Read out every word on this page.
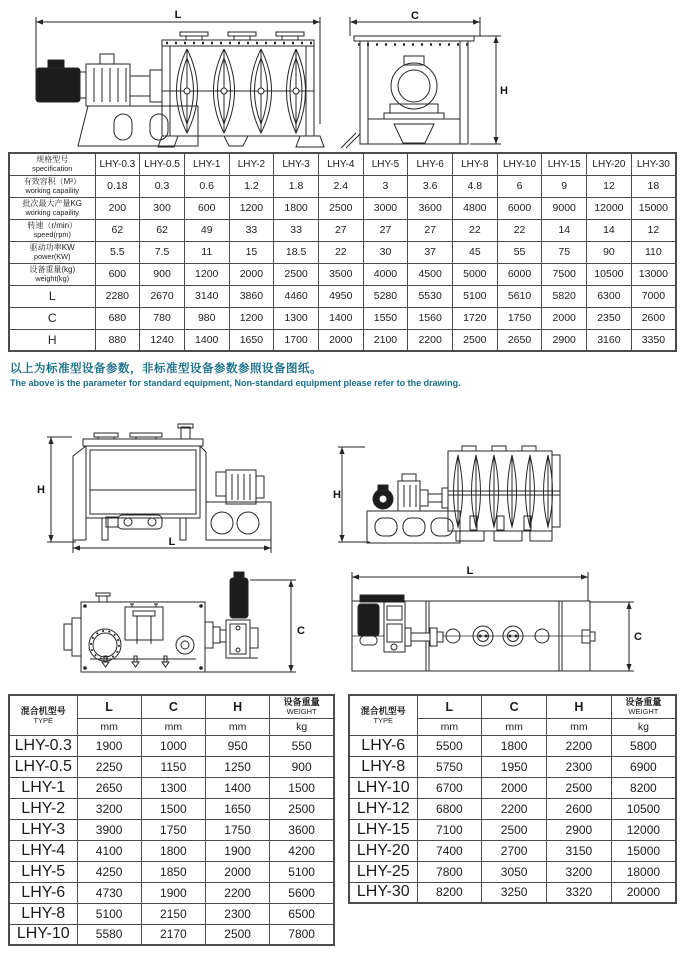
L	C
H
规格型号
specification	LHY-0.3	LHY-0.5	LHY-1	LHY-2	LHY-3	LHY-4	LHY-5	LHY-6	LHY-8	LHY-10	LHY-15	LHY-20	LHY-30

有效容积（M³）
working capaility	0.18	0.3	0.6	1.2	1.8	2.4	3	3.6	4.8	6	9	12	18

批次最大产量KG
working capaility	200	300	600	1200	1800	2500	3000	3600	4800	6000	9000	12000	15000

转速（r/min）
speed(rpm)	62	62	49	33	33	27	27	27	22	22	14	14	12

驱动功率KW
power(KW)	5.5	7.5	11	15	18.5	22	30	37	45	55	75	90	110

设备重量(kg)
weight(kg)	600	900	1200	2000	2500	3500	4000	4500	5000	6000	7500	10500	13000

L	2280	2670	3140	3860	4460	4950	5280	5530	5100	5610	5820	6300	7000

C	680	780	980	1200	1300	1400	1550	1560	1720	1750	2000	2350	2600

H	880	1240	1400	1650	1700	2000	2100	2200	2500	2650	2900	3160	3350
以上为标准型设备参数，非标准型设备参数参照设备图纸。
The above is the parameter for standard equipment, Non-standard equipment please refer to the drawing.
H
L
H
C
L
C
混合机型号
TYPE
	L	C	H	设备重量
WEIGHT

	mm	mm	mm	kg
LHY-0.3	1900	1000	950	550
LHY-0.5	2250	1150	1250	900
LHY-1	2650	1300	1400	1500
LHY-2	3200	1500	1650	2500
LHY-3	3900	1750	1750	3600
LHY-4	4100	1800	1900	4200
LHY-5	4250	1850	2000	5100
LHY-6	4730	1900	2200	5600
LHY-8	5100	2150	2300	6500
LHY-10	5580	2170	2500	7800
混合机型号
TYPE
	L	C	H	设备重量
WEIGHT

	mm	mm	mm	kg
LHY-6	5500	1800	2200	5800
LHY-8	5750	1950	2300	6900
LHY-10	6700	2000	2500	8200
LHY-12	6800	2200	2600	10500
LHY-15	7100	2500	2900	12000
LHY-20	7400	2700	3150	15000
LHY-25	7800	3050	3200	18000
LHY-30	8200	3250	3320	20000
